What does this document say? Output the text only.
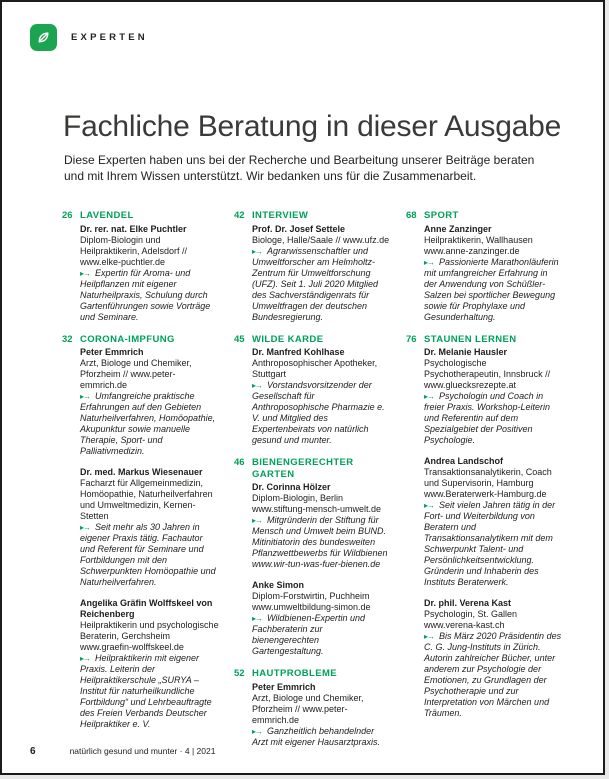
EXPERTEN
Fachliche Beratung in dieser Ausgabe

Diese Experten haben uns bei der Recherche und Bearbeitung unserer Beiträge beraten und mit Ihrem Wissen unterstützt. Wir bedanken uns für die Zusammenarbeit.

26 LAVENDEL
Dr. rer. nat. Elke Puchtler
Diplom-Biologin und Heilpraktikerin, Adelsdorf // www.elke-puchtler.de
▸→ Expertin für Aroma- und Heilpflanzen mit eigener Naturheilpraxis, Schulung durch Gartenführungen sowie Vorträge und Seminare.
32 CORONA-IMPFUNG
Peter Emmrich
Arzt, Biologe und Chemiker, Pforzheim // www.peter-emmrich.de
▸→ Umfangreiche praktische Erfahrungen auf den Gebieten Naturheilverfahren, Homöopathie, Akupunktur sowie manuelle Therapie, Sport- und Palliativmedizin.
Dr. med. Markus Wiesenauer
Facharzt für Allgemeinmedizin, Homöopathie, Naturheilverfahren und Umweltmedizin, Kernen-Stetten
▸→ Seit mehr als 30 Jahren in eigener Praxis tätig. Fachautor und Referent für Seminare und Fortbildungen mit den Schwerpunkten Homöopathie und Naturheilverfahren.
Angelika Gräfin Wolffskeel von Reichenberg
Heilpraktikerin und psychologische Beraterin, Gerchsheim www.graefin-wolffskeel.de
▸→ Heilpraktikerin mit eigener Praxis. Leiterin der Heilpraktikerschule „SURYA – Institut für naturheilkundliche Fortbildung“ und Lehrbeauftragte des Freien Verbands Deutscher Heilpraktiker e. V.
42 INTERVIEW
Prof. Dr. Josef Settele
Biologe, Halle/Saale // www.ufz.de
▸→ Agrarwissenschaftler und Umweltforscher am Helmholtz-Zentrum für Umweltforschung (UFZ). Seit 1. Juli 2020 Mitglied des Sachverständigenrats für Umweltfragen der deutschen Bundesregierung.
45 WILDE KARDE
Dr. Manfred Kohlhase
Anthroposophischer Apotheker, Stuttgart
▸→ Vorstandsvorsitzender der Gesellschaft für Anthroposophische Pharmazie e. V. und Mitglied des Expertenbeirats von natürlich gesund und munter.
46 BIENENGERECHTER GARTEN
Dr. Corinna Hölzer
Diplom-Biologin, Berlin www.stiftung-mensch-umwelt.de
▸→ Mitgründerin der Stiftung für Mensch und Umwelt beim BUND. Mitinitiatorin des bundesweiten Pflanzwettbewerbs für Wildbienen www.wir-tun-was-fuer-bienen.de
Anke Simon
Diplom-Forstwirtin, Puchheim www.umweltbildung-simon.de
▸→ Wildbienen-Expertin und Fachberaterin zur bienengerechten Gartengestaltung.
52 HAUTPROBLEME
Peter Emmrich
Arzt, Biologe und Chemiker, Pforzheim // www.peter-emmrich.de
▸→ Ganzheitlich behandelnder Arzt mit eigener Hausarztpraxis.
68 SPORT
Anne Zanzinger
Heilpraktikerin, Wallhausen www.anne-zanzinger.de
▸→ Passionierte Marathonläuferin mit umfangreicher Erfahrung in der Anwendung von Schüßler-Salzen bei sportlicher Bewegung sowie für Prophylaxe und Gesunderhaltung.
76 STAUNEN LERNEN
Dr. Melanie Hausler
Psychologische Psychotherapeutin, Innsbruck // www.gluecksrezepte.at
▸→ Psychologin und Coach in freier Praxis. Workshop-Leiterin und Referentin auf dem Spezialgebiet der Positiven Psychologie.
Andrea Landschof
Transaktionsanalytikerin, Coach und Supervisorin, Hamburg www.Beraterwerk-Hamburg.de
▸→ Seit vielen Jahren tätig in der Fort- und Weiterbildung von Beratern und Transaktionsanalytikern mit dem Schwerpunkt Talent- und Persönlichkeitsentwicklung. Gründerin und Inhaberin des Instituts Beraterwerk.
Dr. phil. Verena Kast
Psychologin, St. Gallen www.verena-kast.ch
▸→ Bis März 2020 Präsidentin des C. G. Jung-Instituts in Zürich. Autorin zahlreicher Bücher, unter anderem zur Psychologie der Emotionen, zu Grundlagen der Psychotherapie und zur Interpretation von Märchen und Träumen.
6	natürlich gesund und munter · 4 | 2021
